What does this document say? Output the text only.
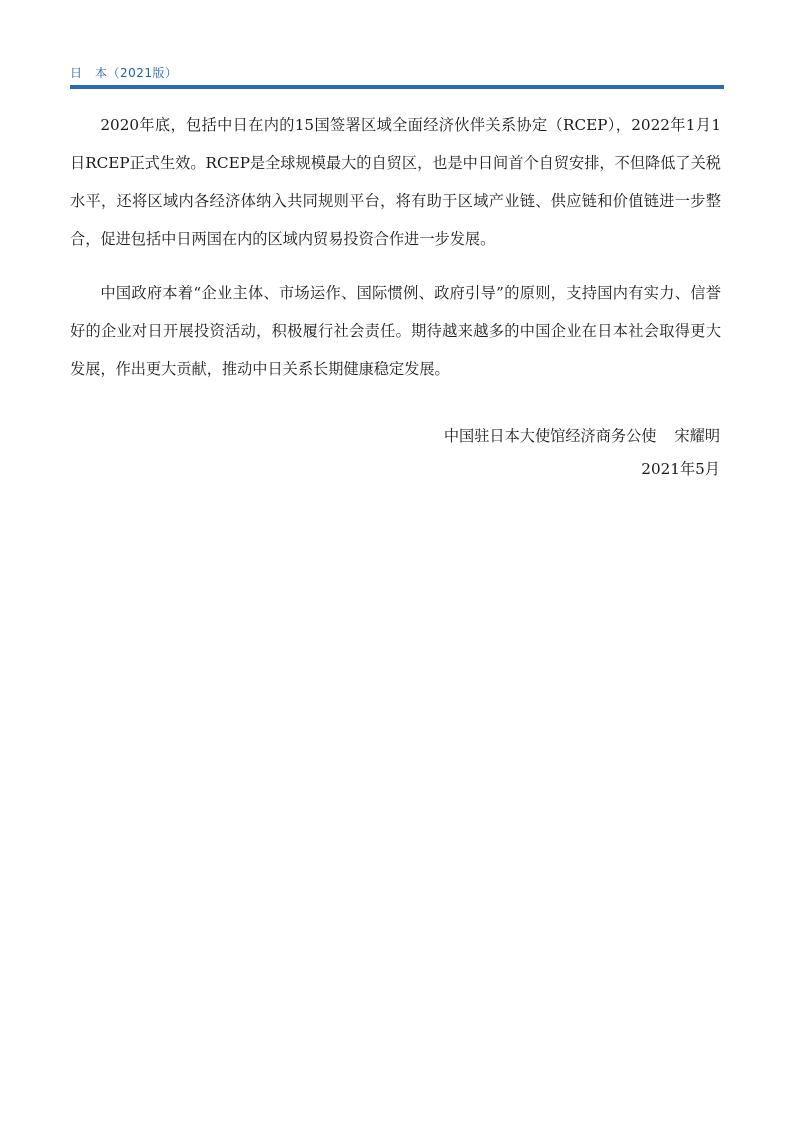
日　本（2021版）

2020年底，包括中日在内的15国签署区域全面经济伙伴关系协定（RCEP），2022年1月1日RCEP正式生效。RCEP是全球规模最大的自贸区，也是中日间首个自贸安排，不但降低了关税水平，还将区域内各经济体纳入共同规则平台，将有助于区域产业链、供应链和价值链进一步整合，促进包括中日两国在内的区域内贸易投资合作进一步发展。

中国政府本着“企业主体、市场运作、国际惯例、政府引导”的原则，支持国内有实力、信誉好的企业对日开展投资活动，积极履行社会责任。期待越来越多的中国企业在日本社会取得更大发展，作出更大贡献，推动中日关系长期健康稳定发展。

中国驻日本大使馆经济商务公使 宋耀明
2021年5月
